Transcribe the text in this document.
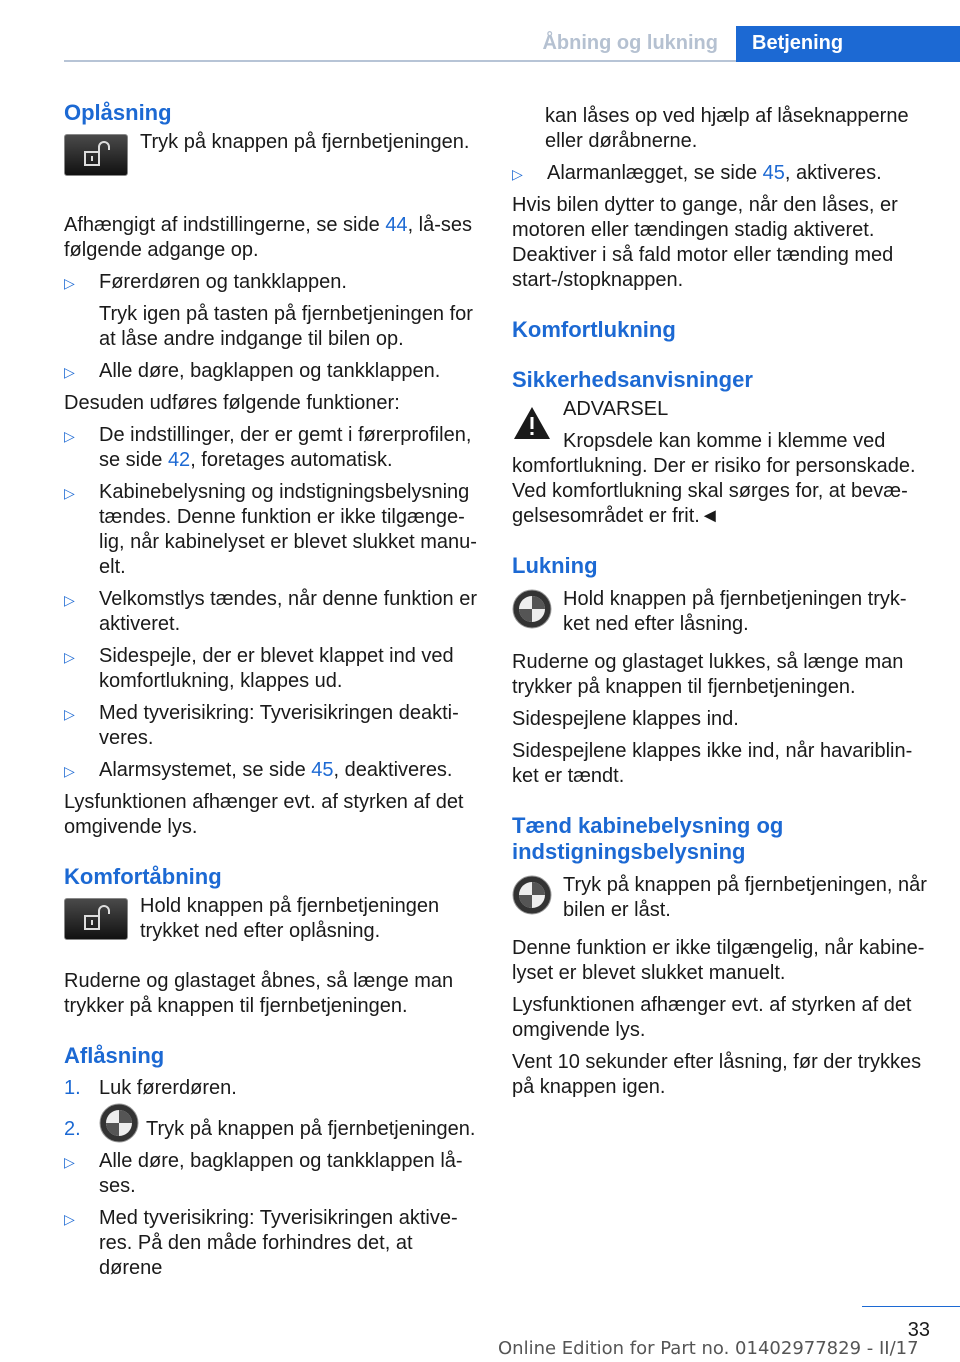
Åbning og lukning	Betjening
Oplåsning
Tryk på knappen på fjernbetjeningen.

Afhængigt af indstillingerne, se side 44, lå‐ses følgende adgange op.

▷ Førerdøren og tankklappen.
Tryk igen på tasten på fjernbetjeningen for at låse andre indgange til bilen op.
▷ Alle døre, bagklappen og tankklappen.

Desuden udføres følgende funktioner:

▷ De indstillinger, der er gemt i førerprofilen, se side 42, foretages automatisk.
▷ Kabinebelysning og indstigningsbelysning tændes. Denne funktion er ikke tilgænge‐lig, når kabinelyset er blevet slukket manu‐elt.
▷ Velkomstlys tændes, når denne funktion er aktiveret.
▷ Sidespejle, der er blevet klappet ind ved komfortlukning, klappes ud.
▷ Med tyverisikring: Tyverisikringen deakti‐veres.
▷ Alarmsystemet, se side 45, deaktiveres.

Lysfunktionen afhænger evt. af styrken af det omgivende lys.

Komfortåbning
Hold knappen på fjernbetjeningen trykket ned efter oplåsning.

Ruderne og glastaget åbnes, så længe man trykker på knappen til fjernbetjeningen.

Aflåsning
1. Luk førerdøren.
2.	Tryk på knappen på fjernbetjeningen.
▷ Alle døre, bagklappen og tankklappen lå‐ses.
▷ Med tyverisikring: Tyverisikringen aktive‐res. På den måde forhindres det, at dørene
kan låses op ved hjælp af låseknapperne eller døråbnerne.
▷ Alarmanlægget, se side 45, aktiveres.

Hvis bilen dytter to gange, når den låses, er motoren eller tændingen stadig aktiveret. Deaktiver i så fald motor eller tænding med start-/stopknappen.

Komfortlukning
Sikkerhedsanvisninger
ADVARSEL
Kropsdele kan komme i klemme ved komfortlukning. Der er risiko for personskade. Ved komfortlukning skal sørges for, at bevæ‐gelsesområdet er frit.◄
Lukning
Hold knappen på fjernbetjeningen tryk‐ket ned efter låsning.

Ruderne og glastaget lukkes, så længe man trykker på knappen til fjernbetjeningen.

Sidespejlene klappes ind.

Sidespejlene klappes ikke ind, når havariblin‐ket er tændt.

Tænd kabinebelysning og indstigningsbelysning
Tryk på knappen på fjernbetjeningen, når bilen er låst.

Denne funktion er ikke tilgængelig, når kabine‐lyset er blevet slukket manuelt.

Lysfunktionen afhænger evt. af styrken af det omgivende lys.

Vent 10 sekunder efter låsning, før der trykkes på knappen igen.

33
Online Edition for Part no. 01402977829 - II/17
